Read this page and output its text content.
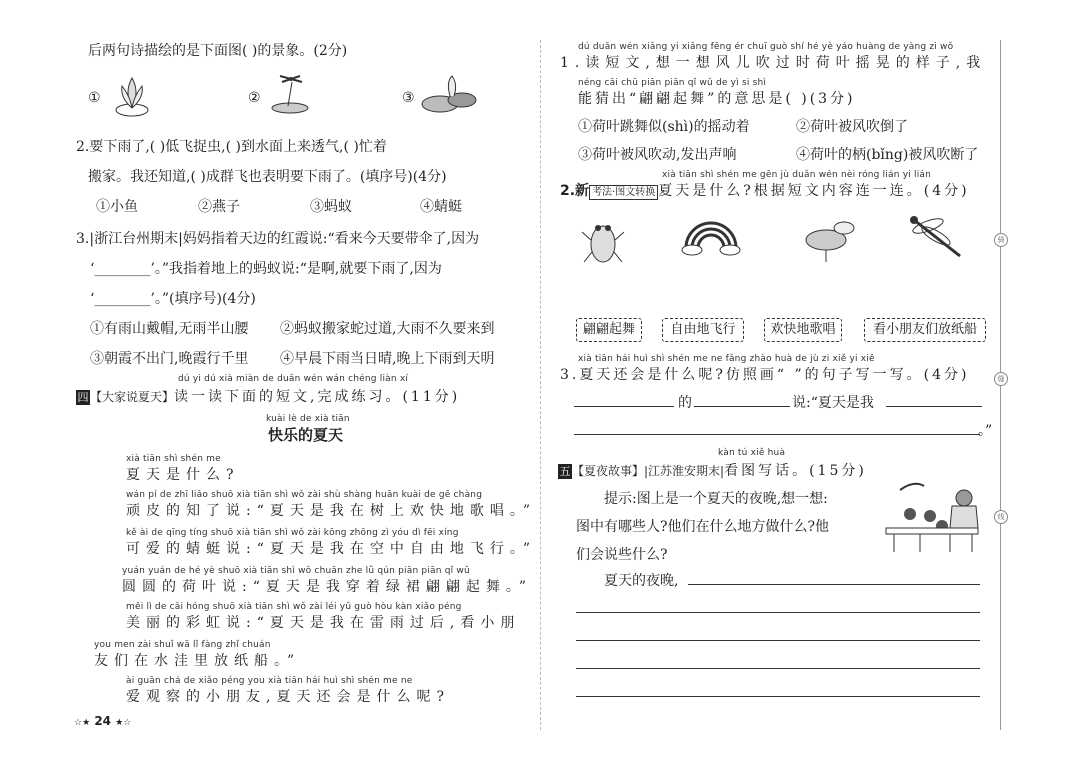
骑
缝
线
后两句诗描绘的是下面图( )的景象。(2分)
①	②	③
2.要下雨了,( )低飞捉虫,( )到水面上来透气,( )忙着
搬家。我还知道,( )成群飞也表明要下雨了。(填序号)(4分)
①小鱼	②燕子	③蚂蚁	④蜻蜓
3.|浙江台州期末|妈妈指着天边的红霞说:“看来今天要带伞了,因为
‘________’。”我指着地上的蚂蚁说:“是啊,就要下雨了,因为
‘________’。”(填序号)(4分)
①有雨山戴帽,无雨半山腰 ②蚂蚁搬家蛇过道,大雨不久要来到
③朝霞不出门,晚霞行千里 ④早晨下雨当日晴,晚上下雨到天明
dú yi dú xià miàn de duǎn wén wán chéng liàn xí
四 【大家说夏天】读一读下面的短文,完成练习。(11分)
kuài lè de xià tiān
快乐的夏天
xià tiān shì shén me
夏天是什么?
wán pí de zhī liǎo shuō xià tiān shì wǒ zài shù shàng huān kuài de gē chàng
顽皮的知了说:“夏天是我在树上欢快地歌唱。”
kě ài de qīng tíng shuō xià tiān shì wǒ zài kōng zhōng zì yóu dì fēi xíng
可爱的蜻蜓说:“夏天是我在空中自由地飞行。”
yuán yuán de hé yè shuō xià tiān shì wǒ chuān zhe lǜ qún piān piān qǐ wǔ
圆圆的荷叶说:“夏天是我穿着绿裙翩翩起舞。”
měi lì de cǎi hóng shuō xià tiān shì wǒ zài léi yǔ guò hòu kàn xiǎo péng
美丽的彩虹说:“夏天是我在雷雨过后,看小朋
you men zài shuǐ wā lǐ fàng zhǐ chuán
友们在水洼里放纸船。”
ài guān chá de xiǎo péng you xià tiān hái huì shì shén me ne
爱观察的小朋友,夏天还会是什么呢?
☆★ 24 ★☆
dú duǎn wén xiǎng yi xiǎng fēng ér chuī guò shí hé yè yáo huàng de yàng zi wǒ
1.读短文,想一想风儿吹过时荷叶摇晃的样子,我
néng cāi chū piān piān qǐ wǔ de yì si shì
能猜出“翩翩起舞”的意思是( )(3分)
①荷叶跳舞似(shì)的摇动着	②荷叶被风吹倒了
③荷叶被风吹动,发出声响	④荷叶的柄(bǐng)被风吹断了
xià tiān shì shén me gēn jù duǎn wén nèi róng lián yi lián
2.新 考法·图文转换 夏天是什么?根据短文内容连一连。(4分)
翩翩起舞	自由地飞行	欢快地歌唱	看小朋友们放纸船
xià tiān hái huì shì shén me ne fǎng zhào huà de jù zi xiě yi xiě
3.夏天还会是什么呢?仿照画“ ”的句子写一写。(4分)
的	说:“夏天是我
。”
kàn tú xiě huà
五 【夏夜故事】|江苏淮安期末|看图写话。(15分)
提示:图上是一个夏天的夜晚,想一想:
图中有哪些人?他们在什么地方做什么?他
们会说些什么?
夏天的夜晚,
